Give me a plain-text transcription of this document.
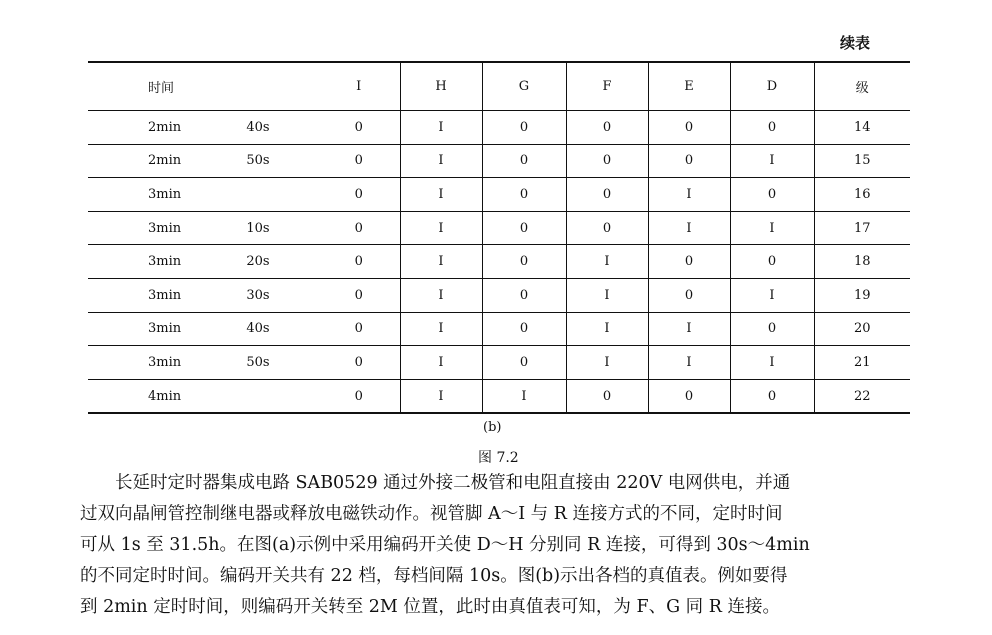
续表
时间		I	H	G	F	E	D	级
2min	40s	0	I	0	0	0	0	14
2min	50s	0	I	0	0	0	I	15
3min		0	I	0	0	I	0	16
3min	10s	0	I	0	0	I	I	17
3min	20s	0	I	0	I	0	0	18
3min	30s	0	I	0	I	0	I	19
3min	40s	0	I	0	I	I	0	20
3min	50s	0	I	0	I	I	I	21
4min		0	I	I	0	0	0	22
(b)
图 7.2

长延时定时器集成电路 SAB0529 通过外接二极管和电阻直接由 220V 电网供电，并通

过双向晶闸管控制继电器或释放电磁铁动作。视管脚 A～I 与 R 连接方式的不同，定时时间

可从 1s 至 31.5h。在图(a)示例中采用编码开关使 D～H 分别同 R 连接，可得到 30s～4min

的不同定时时间。编码开关共有 22 档，每档间隔 10s。图(b)示出各档的真值表。例如要得

到 2min 定时时间，则编码开关转至 2M 位置，此时由真值表可知，为 F、G 同 R 连接。
